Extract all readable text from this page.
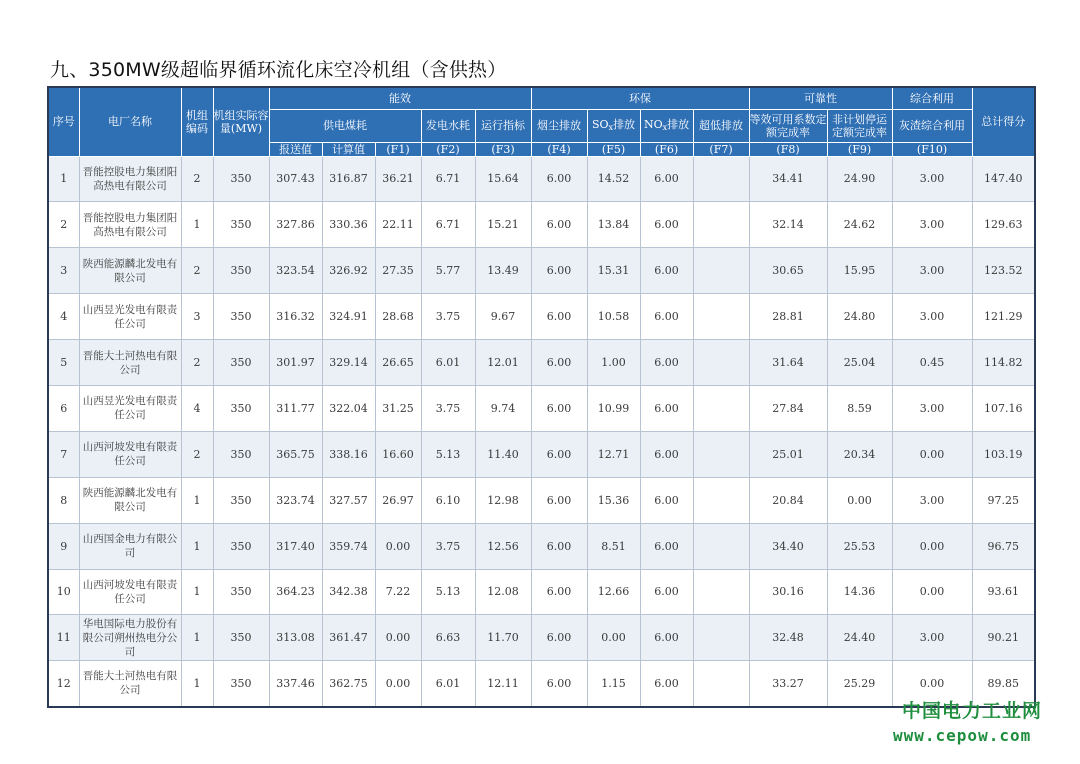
九、350MW级超临界循环流化床空冷机组（含供热）
序号	电厂名称	机组编码	机组实际容量(MW)	能效					环保				可靠性		综合利用	总计得分
				供电煤耗			发电水耗	运行指标	烟尘排放	$SO_x$排放	$NO_x$排放	超低排放	等效可用系数定额完成率	非计划停运定额完成率	灰渣综合利用	
				报送值	计算值	(F1)	(F2)	(F3)	(F4)	(F5)	(F6)	(F7)	(F8)	(F9)	(F10)	
1	晋能控股电力集团阳高热电有限公司	2	350	307.43	316.87	36.21	6.71	15.64	6.00	14.52	6.00		34.41	24.90	3.00	147.40
2	晋能控股电力集团阳高热电有限公司	1	350	327.86	330.36	22.11	6.71	15.21	6.00	13.84	6.00		32.14	24.62	3.00	129.63
3	陕西能源麟北发电有限公司	2	350	323.54	326.92	27.35	5.77	13.49	6.00	15.31	6.00		30.65	15.95	3.00	123.52
4	山西昱光发电有限责任公司	3	350	316.32	324.91	28.68	3.75	9.67	6.00	10.58	6.00		28.81	24.80	3.00	121.29
5	晋能大土河热电有限公司	2	350	301.97	329.14	26.65	6.01	12.01	6.00	1.00	6.00		31.64	25.04	0.45	114.82
6	山西昱光发电有限责任公司	4	350	311.77	322.04	31.25	3.75	9.74	6.00	10.99	6.00		27.84	8.59	3.00	107.16
7	山西河坡发电有限责任公司	2	350	365.75	338.16	16.60	5.13	11.40	6.00	12.71	6.00		25.01	20.34	0.00	103.19
8	陕西能源麟北发电有限公司	1	350	323.74	327.57	26.97	6.10	12.98	6.00	15.36	6.00		20.84	0.00	3.00	97.25
9	山西国金电力有限公司	1	350	317.40	359.74	0.00	3.75	12.56	6.00	8.51	6.00		34.40	25.53	0.00	96.75
10	山西河坡发电有限责任公司	1	350	364.23	342.38	7.22	5.13	12.08	6.00	12.66	6.00		30.16	14.36	0.00	93.61
11	华电国际电力股份有限公司朔州热电分公司	1	350	313.08	361.47	0.00	6.63	11.70	6.00	0.00	6.00		32.48	24.40	3.00	90.21
12	晋能大土河热电有限公司	1	350	337.46	362.75	0.00	6.01	12.11	6.00	1.15	6.00		33.27	25.29	0.00	89.85
中国电力工业网
www.cepow.com
